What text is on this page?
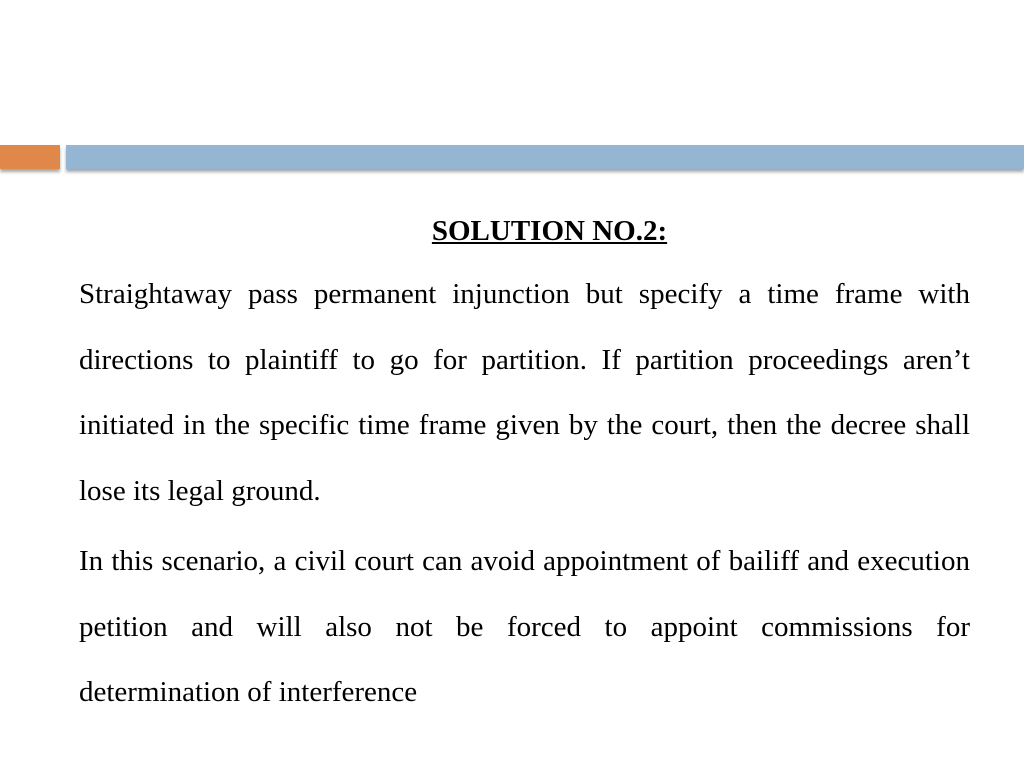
SOLUTION NO.2:

Straightaway pass permanent injunction but specify a time frame with directions to plaintiff to go for partition. If partition proceedings aren’t initiated in the specific time frame given by the court, then the decree shall lose its legal ground.

In this scenario, a civil court can avoid appointment of bailiff and execution petition and will also not be forced to appoint commissions for determination of interference
